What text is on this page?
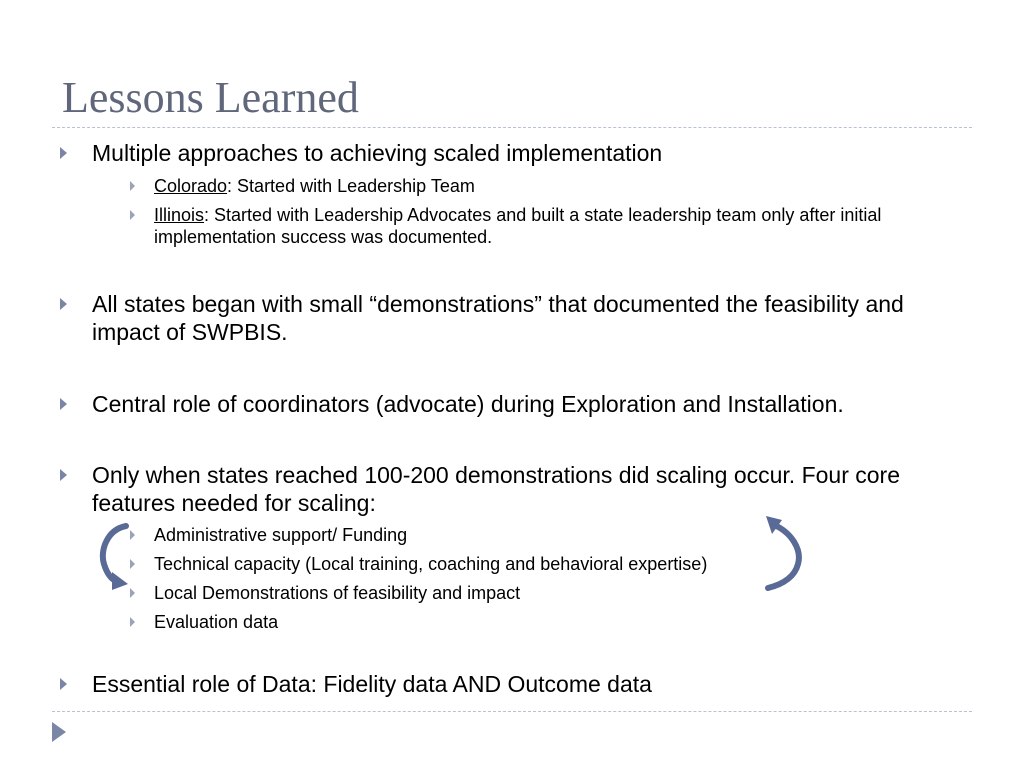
Lessons Learned

Multiple approaches to achieving scaled implementation

Colorado: Started with Leadership Team

Illinois: Started with Leadership Advocates and built a state leadership team only after initial implementation success was documented.

All states began with small “demonstrations” that documented the feasibility and impact of SWPBIS.

Central role of coordinators (advocate) during Exploration and Installation.

Only when states reached 100-200 demonstrations did scaling occur. Four core features needed for scaling:

Administrative support/ Funding

Technical capacity (Local training, coaching and behavioral expertise)

Local Demonstrations of feasibility and impact

Evaluation data

Essential role of Data: Fidelity data AND Outcome data
